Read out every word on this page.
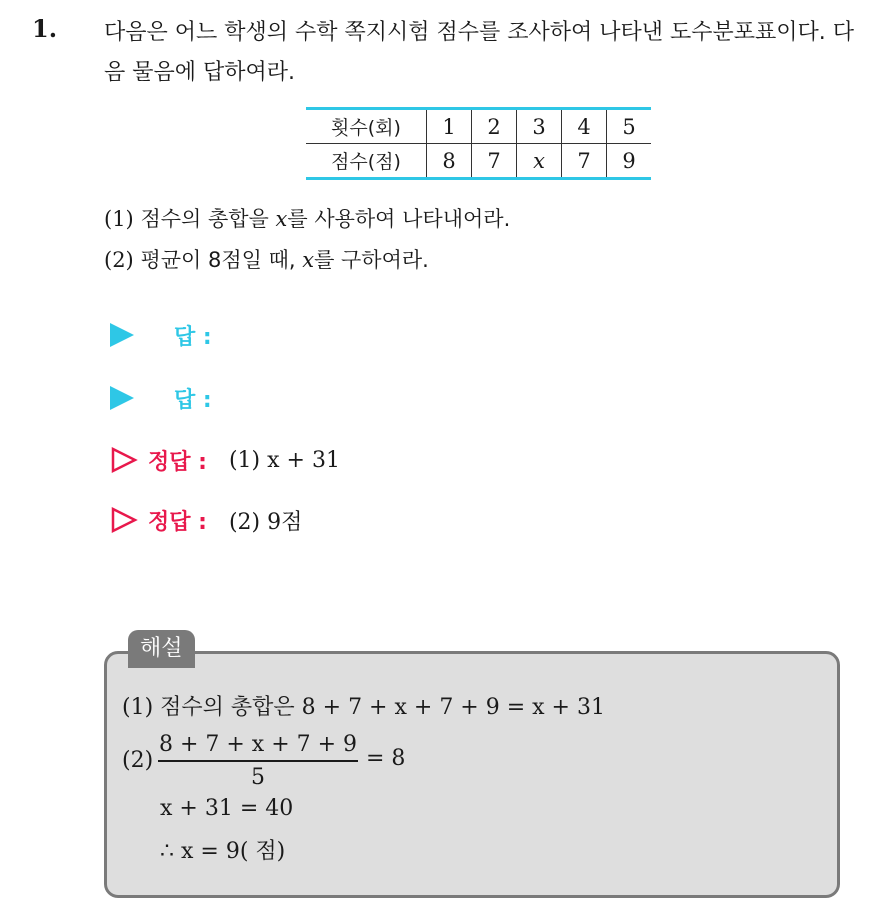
1. 다음은 어느 학생의 수학 쪽지시험 점수를 조사하여 나타낸 도수분포표이다. 다음 물음에 답하여라.
횟수(회)	1	2	3	4	5
점수(점)	8	7	x	7	9
(1) 점수의 총합을 x를 사용하여 나타내어라.
(2) 평균이 8점일 때, x를 구하여라.
답 :
답 :
정답 : (1) x + 31
정답 : (2) 9점
해설
(1) 점수의 총합은 8 + 7 + x + 7 + 9 = x + 31
(2)
8 + 7 + x + 7 + 9
5
= 8
x + 31 = 40
∴ x = 9( 점)
